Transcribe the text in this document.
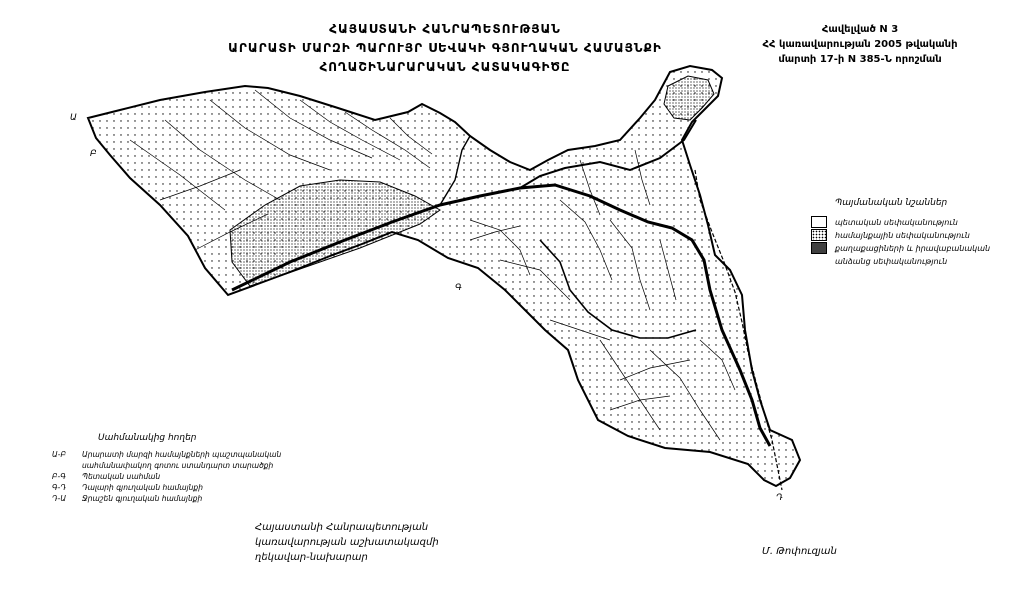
ՀԱՅԱՍՏԱՆԻ ՀԱՆՐԱՊԵՏՈՒԹՅԱՆ
ԱՐԱՐԱՏԻ ՄԱՐԶԻ ՊԱՐՈՒՅՐ ՍԵՎԱԿԻ ԳՅՈՒՂԱԿԱՆ ՀԱՄԱՅՆՔԻ
ՀՈՂԱՇԻՆԱՐԱՐԱԿԱՆ ՀԱՏԱԿԱԳԻԾԸ
Հավելված N 3
ՀՀ կառավարության 2005 թվականի
մարտի 17-ի N 385-Ն որոշման
Ա
Բ
Գ
Դ
Պայմանական նշաններ
պետական սեփականություն
համայնքային սեփականություն
քաղաքացիների և իրավաբանական
անձանց սեփականություն
Սահմանակից հողեր
Ա-Բ Արարատի մարզի համայնքների պաշտպանական
սահմանափակող գոտու ստանդարտ տարածքի
Բ-Գ Պետական սահման
Գ-Դ Դալարի գյուղական համայնքի
Դ-Ա Ջրաշեն գյուղական համայնքի
Հայաստանի Հանրապետության
կառավարության աշխատակազմի
ղեկավար-նախարար
Մ. Թոփուզյան
